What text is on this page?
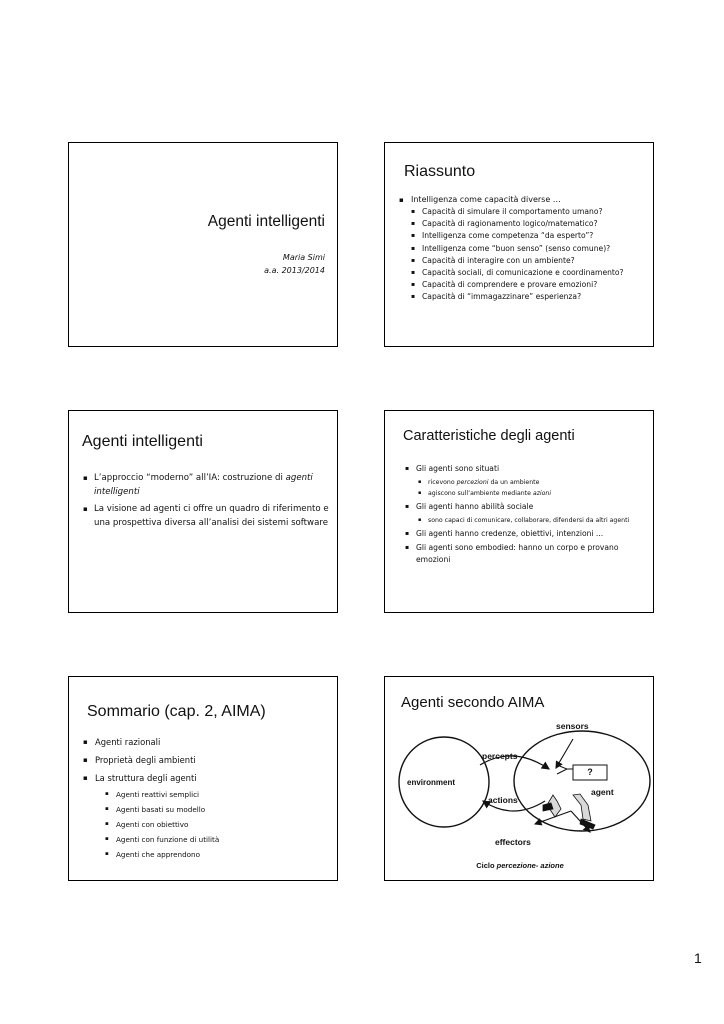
Agenti intelligenti
Maria Simi
a.a. 2013/2014
Riassunto
▪ Intelligenza come capacità diverse …
▪ Capacità di simulare il comportamento umano?
▪ Capacità di ragionamento logico/matematico?
▪ Intelligenza come competenza “da esperto”?
▪ Intelligenza come “buon senso” (senso comune)?
▪ Capacità di interagire con un ambiente?
▪ Capacità sociali, di comunicazione e coordinamento?
▪ Capacità di comprendere e provare emozioni?
▪ Capacità di “immagazzinare” esperienza?
Agenti intelligenti
▪ L’approccio “moderno” all’IA: costruzione di agenti intelligenti
▪ La visione ad agenti ci offre un quadro di riferimento e una prospettiva diversa all’analisi dei sistemi software
Caratteristiche degli agenti
▪ Gli agenti sono situati
▪ ricevono percezioni da un ambiente
▪ agiscono sull’ambiente mediante azioni
▪ Gli agenti hanno abilità sociale
▪ sono capaci di comunicare, collaborare, difendersi da altri agenti
▪ Gli agenti hanno credenze, obiettivi, intenzioni ...
▪ Gli agenti sono embodied: hanno un corpo e provano emozioni
Sommario (cap. 2, AIMA)
▪ Agenti razionali
▪ Proprietà degli ambienti
▪ La struttura degli agenti
▪ Agenti reattivi semplici
▪ Agenti basati su modello
▪ Agenti con obiettivo
▪ Agenti con funzione di utilità
▪ Agenti che apprendono
Agenti secondo AIMA
sensors
percepts
environment
actions
?
agent
effectors
Ciclo percezione- azione
1
